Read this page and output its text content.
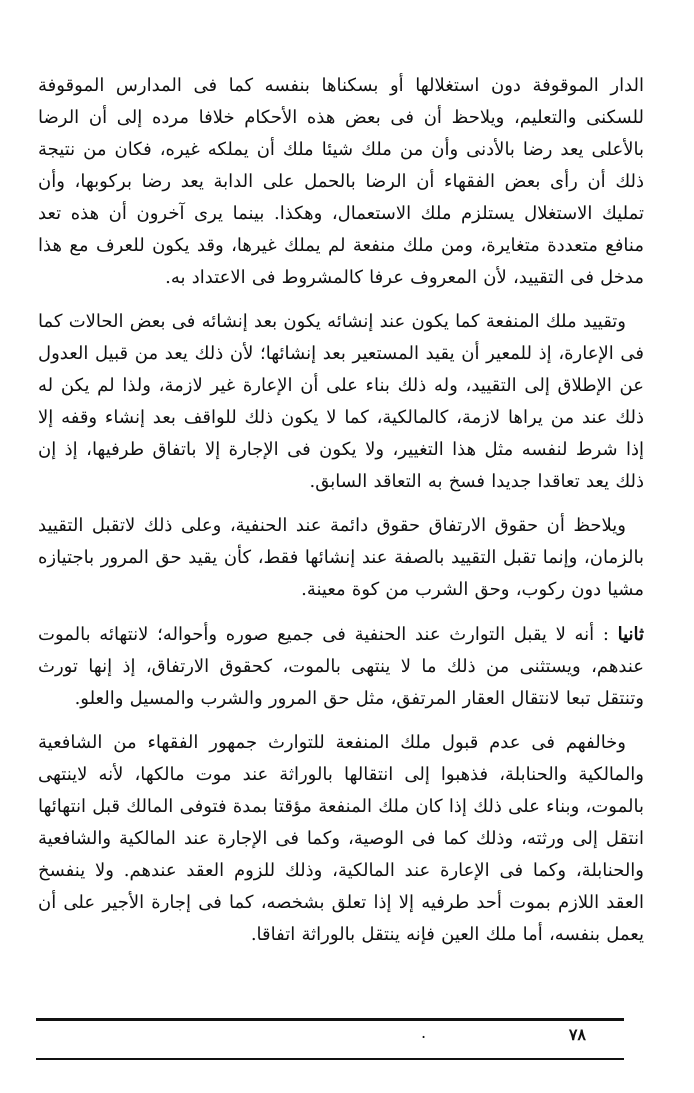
الدار الموقوفة دون استغلالها أو بسكناها بنفسه كما فى المدارس الموقوفة للسكنى والتعليم، ويلاحظ أن فى بعض هذه الأحكام خلافا مرده إلى أن الرضا بالأعلى يعد رضا بالأدنى وأن من ملك شيئا ملك أن يملكه غيره، فكان من نتيجة ذلك أن رأى بعض الفقهاء أن الرضا بالحمل على الدابة يعد رضا بركوبها، وأن تمليك الاستغلال يستلزم ملك الاستعمال، وهكذا. بينما يرى آخرون أن هذه تعد منافع متعددة متغايرة، ومن ملك منفعة لم يملك غيرها، وقد يكون للعرف مع هذا مدخل فى التقييد، لأن المعروف عرفا كالمشروط فى الاعتداد به.

وتقييد ملك المنفعة كما يكون عند إنشائه يكون بعد إنشائه فى بعض الحالات كما فى الإعارة، إذ للمعير أن يقيد المستعير بعد إنشائها؛ لأن ذلك يعد من قبيل العدول عن الإطلاق إلى التقييد، وله ذلك بناء على أن الإعارة غير لازمة، ولذا لم يكن له ذلك عند من يراها لازمة، كالمالكية، كما لا يكون ذلك للواقف بعد إنشاء وقفه إلا إذا شرط لنفسه مثل هذا التغيير، ولا يكون فى الإجارة إلا باتفاق طرفيها، إذ إن ذلك يعد تعاقدا جديدا فسخ به التعاقد السابق.

ويلاحظ أن حقوق الارتفاق حقوق دائمة عند الحنفية، وعلى ذلك لاتقبل التقييد بالزمان، وإنما تقبل التقييد بالصفة عند إنشائها فقط، كأن يقيد حق المرور باجتيازه مشيا دون ركوب، وحق الشرب من كوة معينة.

ثانيا : أنه لا يقبل التوارث عند الحنفية فى جميع صوره وأحواله؛ لانتهائه بالموت عندهم، ويستثنى من ذلك ما لا ينتهى بالموت، كحقوق الارتفاق، إذ إنها تورث وتنتقل تبعا لانتقال العقار المرتفق، مثل حق المرور والشرب والمسيل والعلو.

وخالفهم فى عدم قبول ملك المنفعة للتوارث جمهور الفقهاء من الشافعية والمالكية والحنابلة، فذهبوا إلى انتقالها بالوراثة عند موت مالكها، لأنه لاينتهى بالموت، وبناء على ذلك إذا كان ملك المنفعة مؤقتا بمدة فتوفى المالك قبل انتهائها انتقل إلى ورثته، وذلك كما فى الوصية، وكما فى الإجارة عند المالكية والشافعية والحنابلة، وكما فى الإعارة عند المالكية، وذلك للزوم العقد عندهم. ولا ينفسخ العقد اللازم بموت أحد طرفيه إلا إذا تعلق بشخصه، كما فى إجارة الأجير على أن يعمل بنفسه، أما ملك العين فإنه ينتقل بالوراثة اتفاقا.

.	٧٨
